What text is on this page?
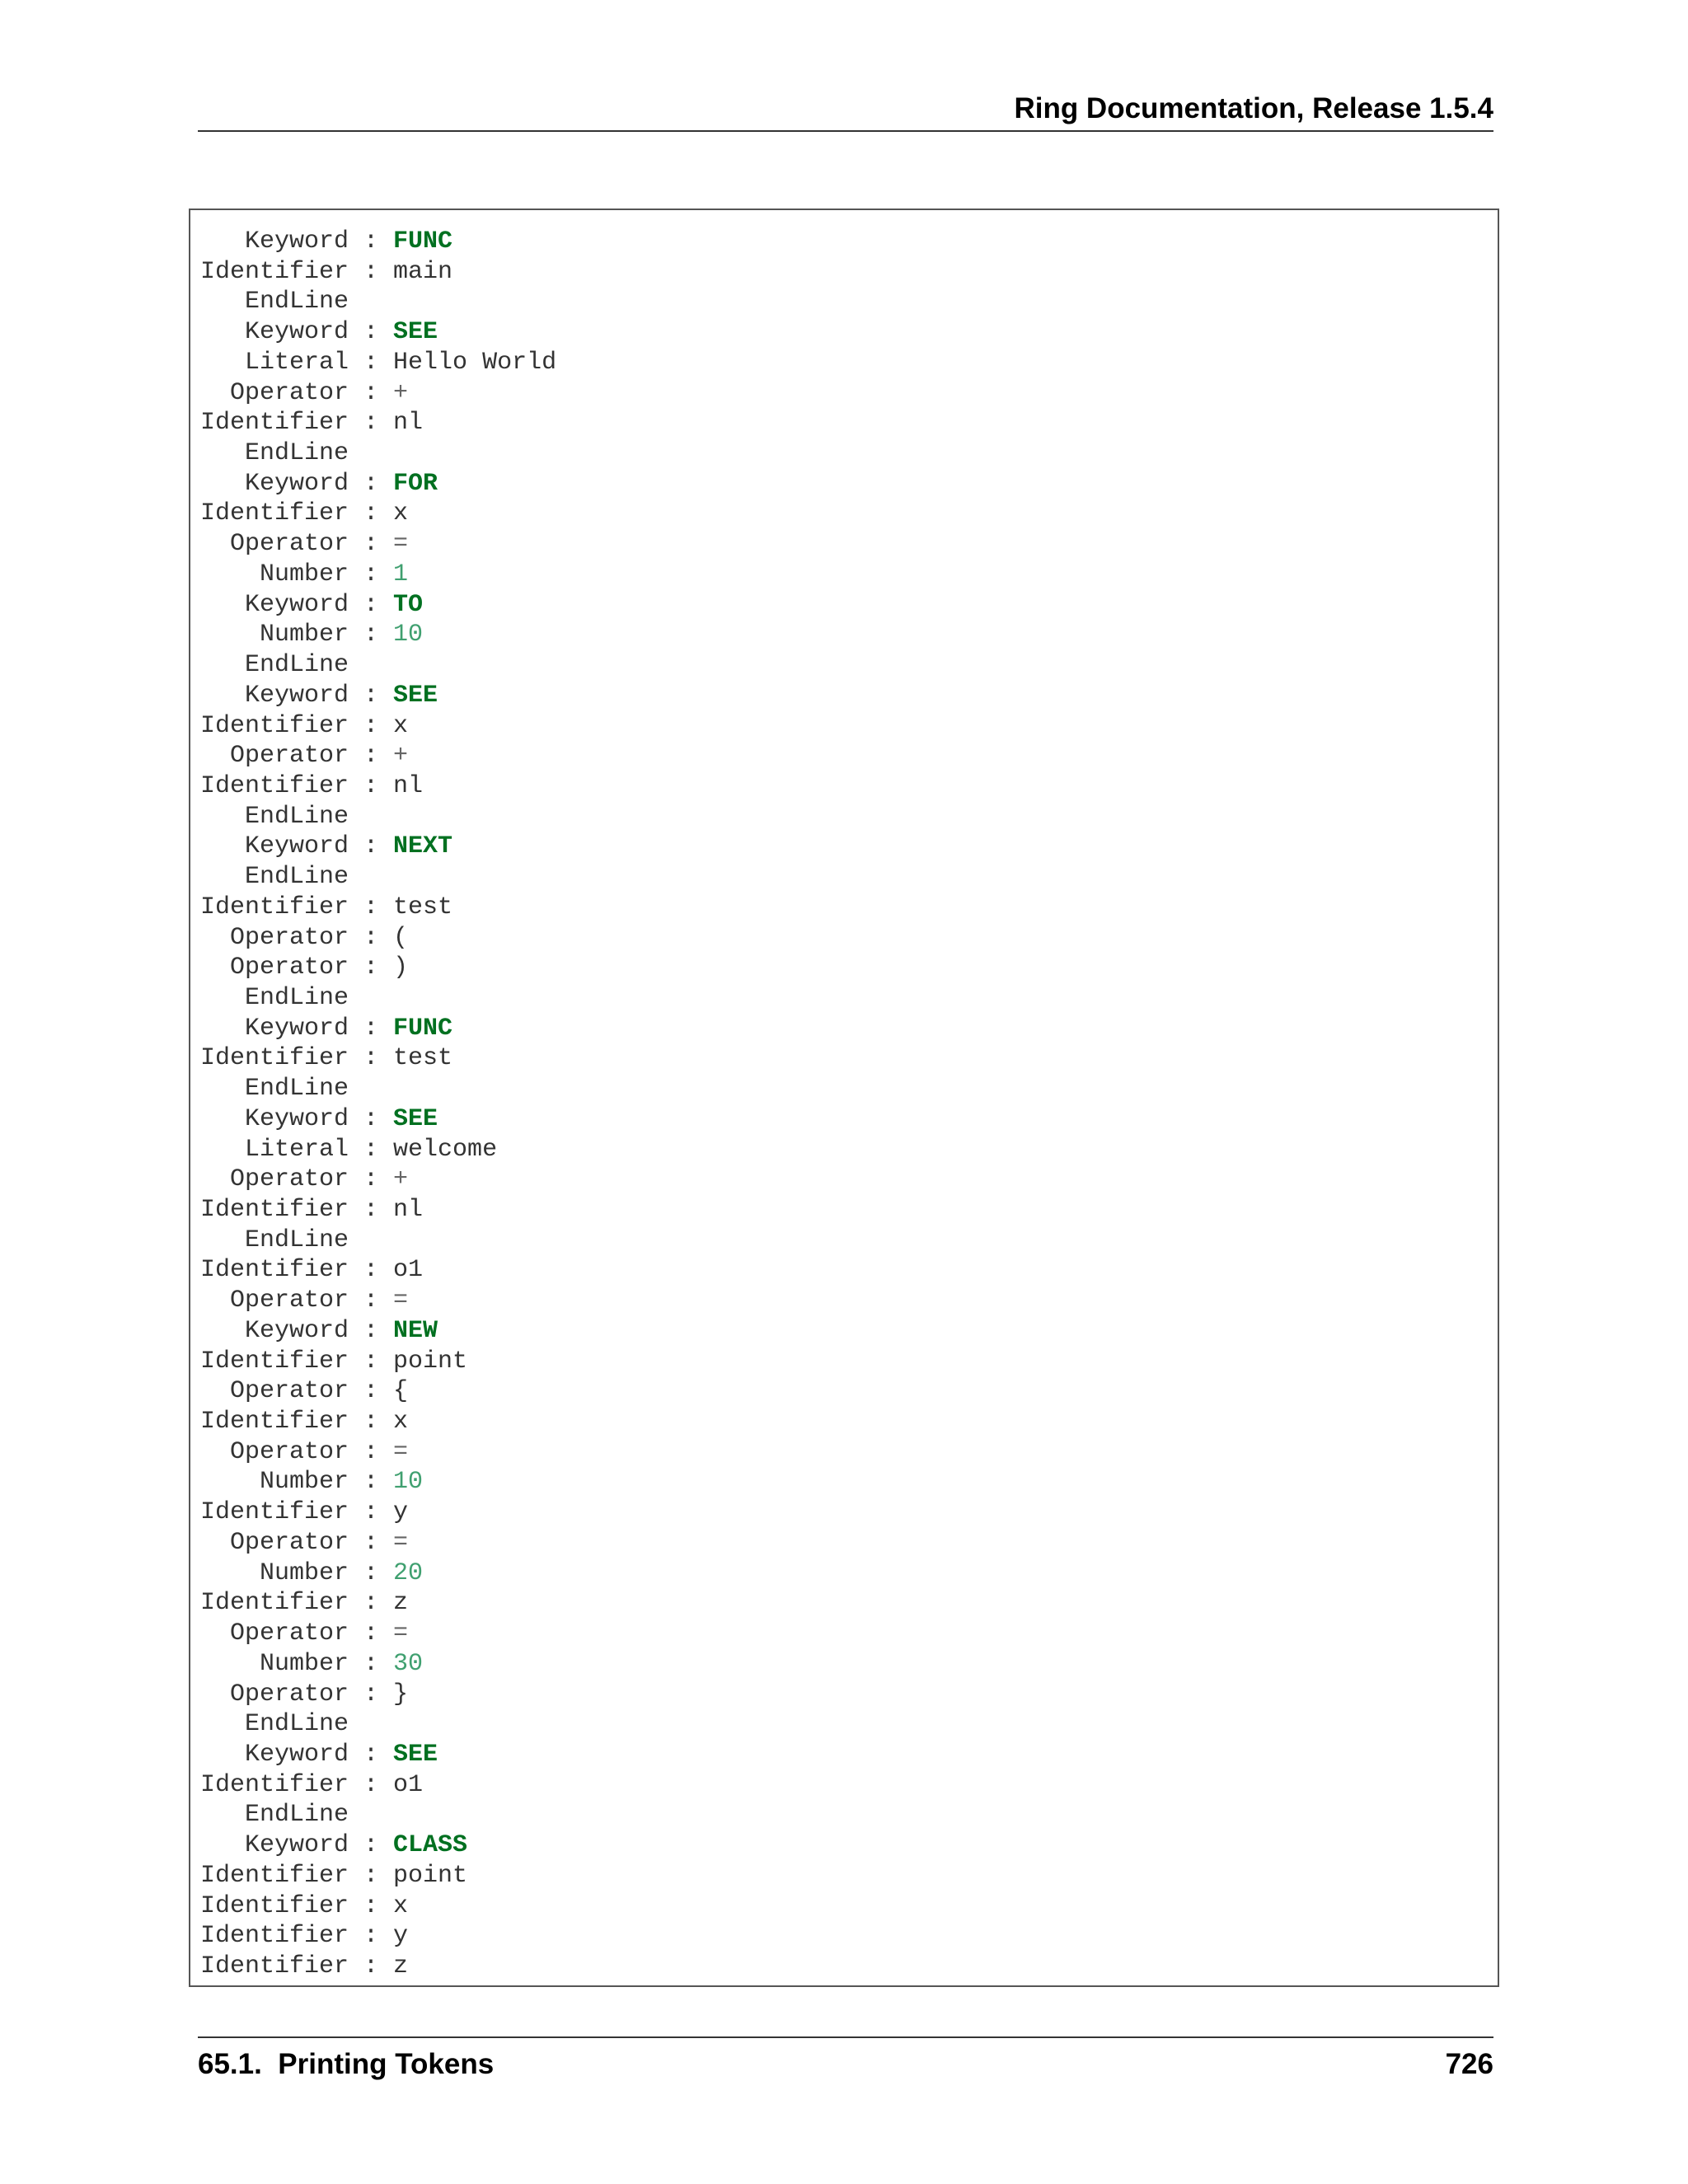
Ring Documentation, Release 1.5.4
Keyword : FUNC
Identifier : main
EndLine
Keyword : SEE
Literal : Hello World
Operator : +
Identifier : nl
EndLine
Keyword : FOR
Identifier : x
Operator : =
Number : 1
Keyword : TO
Number : 10
EndLine
Keyword : SEE
Identifier : x
Operator : +
Identifier : nl
EndLine
Keyword : NEXT
EndLine
Identifier : test
Operator : (
Operator : )
EndLine
Keyword : FUNC
Identifier : test
EndLine
Keyword : SEE
Literal : welcome
Operator : +
Identifier : nl
EndLine
Identifier : o1
Operator : =
Keyword : NEW
Identifier : point
Operator : {
Identifier : x
Operator : =
Number : 10
Identifier : y
Operator : =
Number : 20
Identifier : z
Operator : =
Number : 30
Operator : }
EndLine
Keyword : SEE
Identifier : o1
EndLine
Keyword : CLASS
Identifier : point
Identifier : x
Identifier : y
Identifier : z
65.1.  Printing Tokens	726
